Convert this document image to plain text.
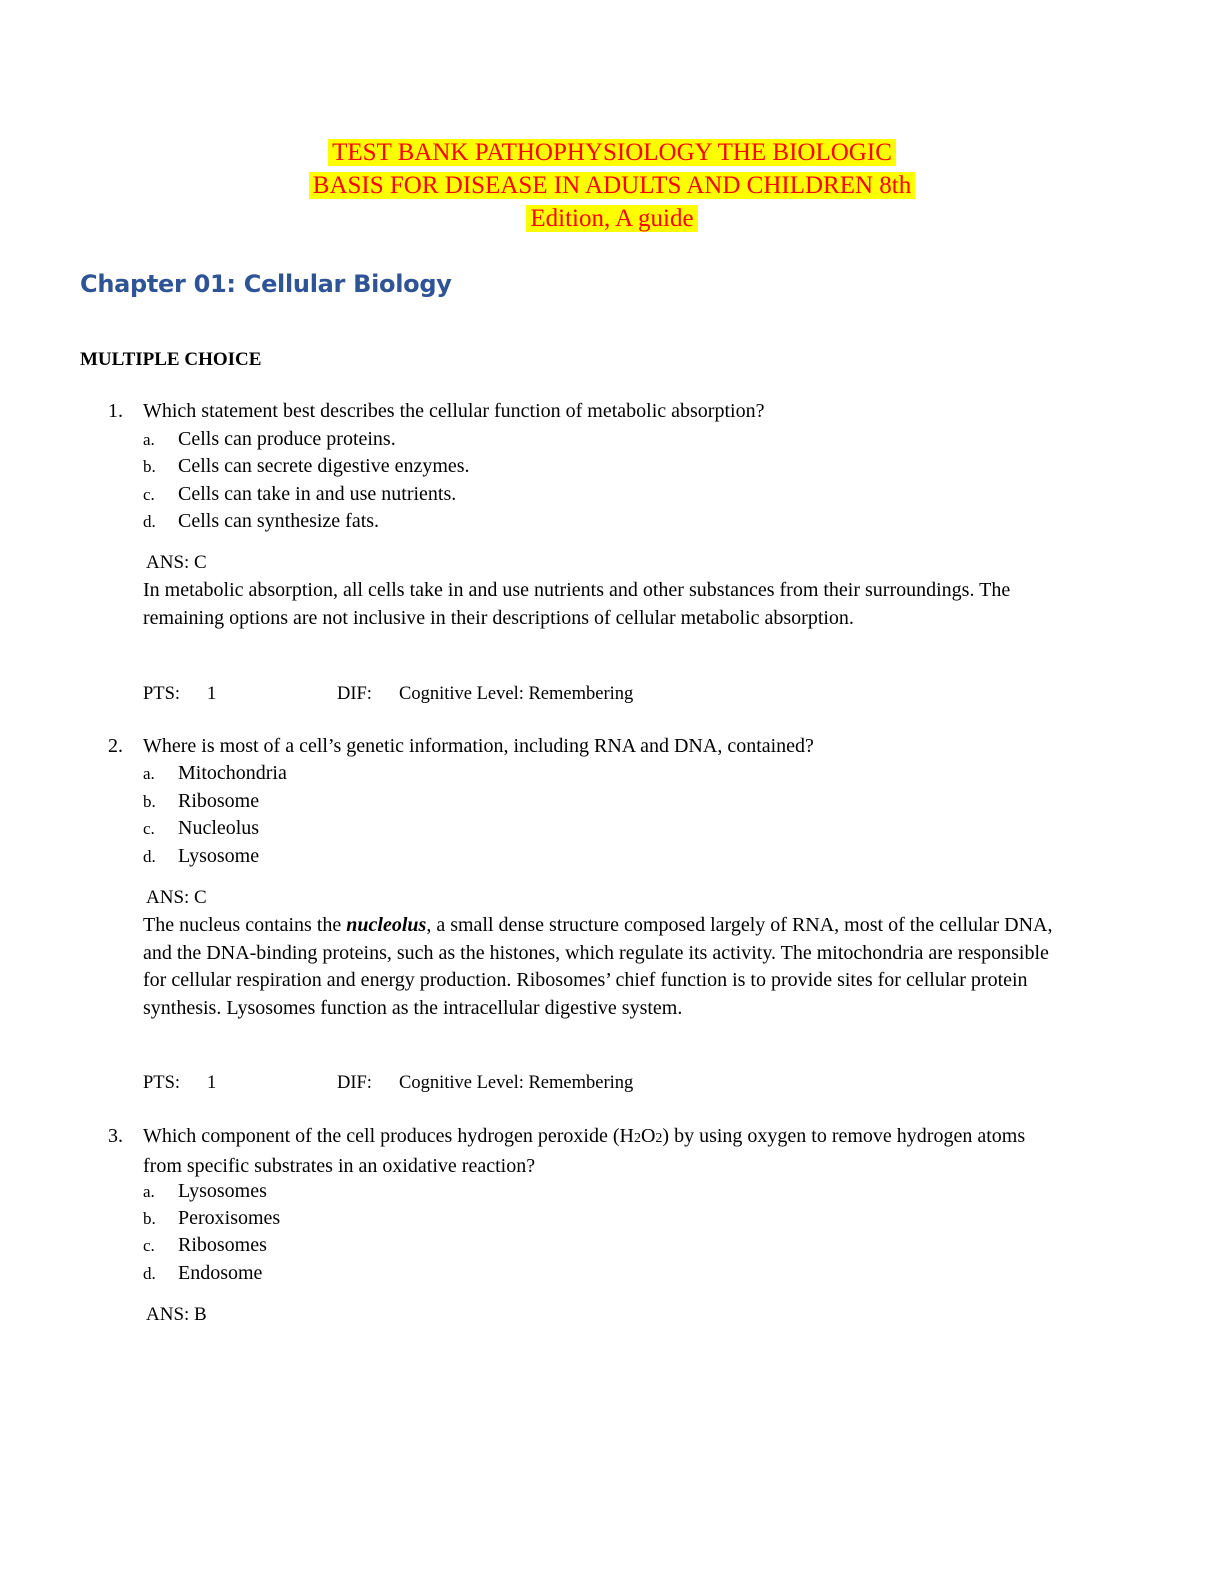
TEST BANK PATHOPHYSIOLOGY THE BIOLOGIC
BASIS FOR DISEASE IN ADULTS AND CHILDREN 8th
Edition, A guide
Chapter 01: Cellular Biology
MULTIPLE CHOICE
1. Which statement best describes the cellular function of metabolic absorption?
a. Cells can produce proteins.
b. Cells can secrete digestive enzymes.
c. Cells can take in and use nutrients.
d. Cells can synthesize fats.
ANS: C
In metabolic absorption, all cells take in and use nutrients and other substances from their surroundings. The remaining options are not inclusive in their descriptions of cellular metabolic absorption.
PTS: 1	DIF: Cognitive Level: Remembering
2. Where is most of a cell’s genetic information, including RNA and DNA, contained?
a. Mitochondria
b. Ribosome
c. Nucleolus
d. Lysosome
ANS: C
The nucleus contains the nucleolus, a small dense structure composed largely of RNA, most of the cellular DNA, and the DNA-binding proteins, such as the histones, which regulate its activity. The mitochondria are responsible for cellular respiration and energy production. Ribosomes’ chief function is to provide sites for cellular protein synthesis. Lysosomes function as the intracellular digestive system.
PTS: 1	DIF: Cognitive Level: Remembering
3. Which component of the cell produces hydrogen peroxide (H2O2) by using oxygen to remove hydrogen atoms from specific substrates in an oxidative reaction?
a. Lysosomes
b. Peroxisomes
c. Ribosomes
d. Endosome
ANS: B
